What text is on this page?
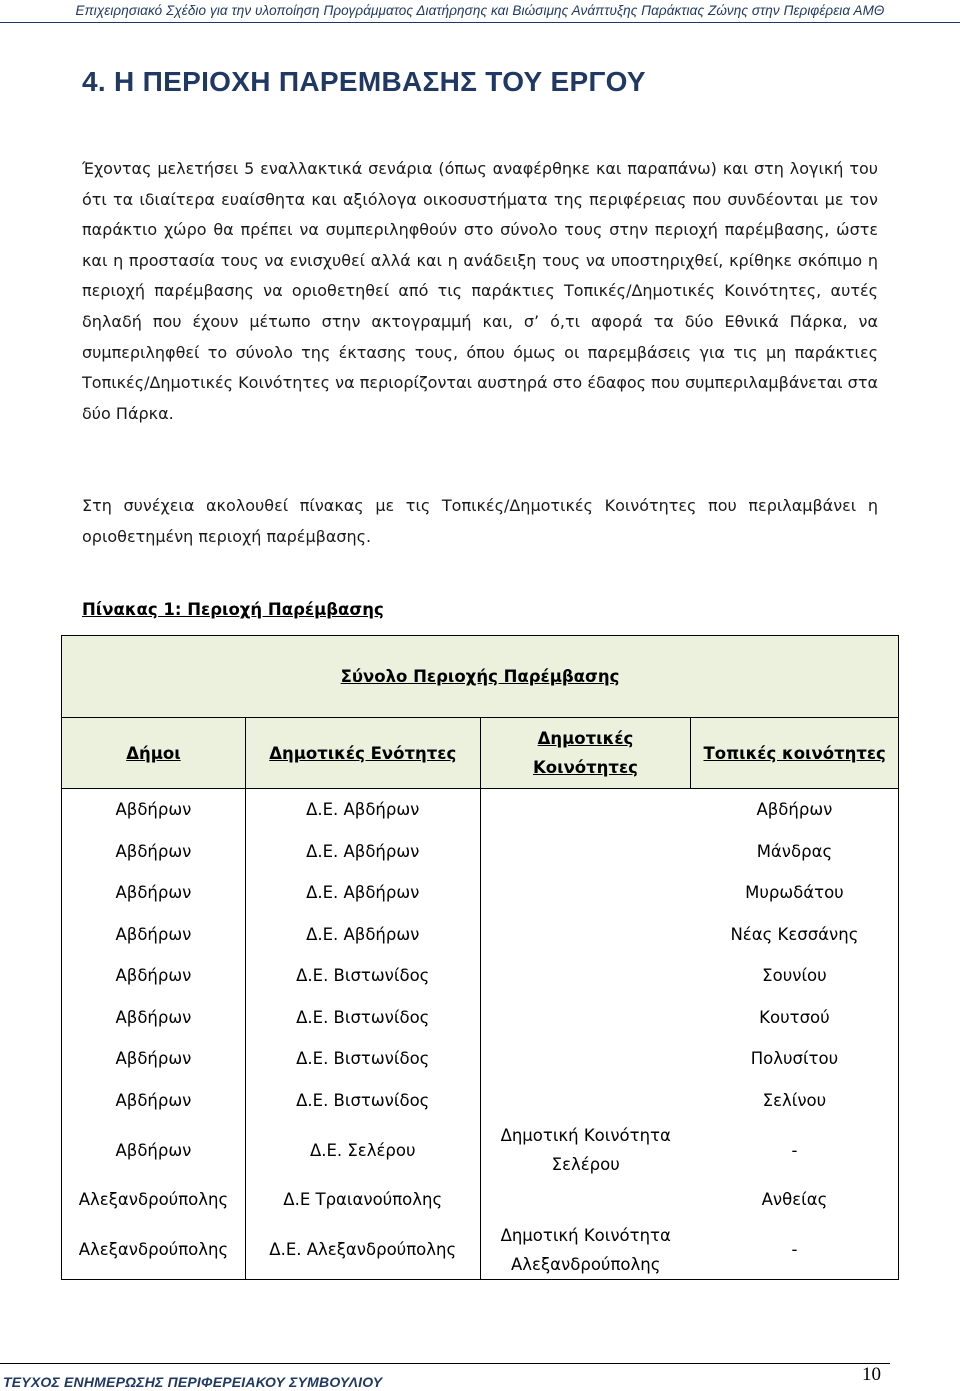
Επιχειρησιακό Σχέδιο για την υλοποίηση Προγράμματος Διατήρησης και Βιώσιμης Ανάπτυξης Παράκτιας Ζώνης στην Περιφέρεια ΑΜΘ
4. Η ΠΕΡΙΟΧΗ ΠΑΡΕΜΒΑΣΗΣ ΤΟΥ ΕΡΓΟΥ

Έχοντας μελετήσει 5 εναλλακτικά σενάρια (όπως αναφέρθηκε και παραπάνω) και στη λογική του ότι τα ιδιαίτερα ευαίσθητα και αξιόλογα οικοσυστήματα της περιφέρειας που συνδέονται με τον παράκτιο χώρο θα πρέπει να συμπεριληφθούν στο σύνολο τους στην περιοχή παρέμβασης, ώστε και η προστασία τους να ενισχυθεί αλλά και η ανάδειξη τους να υποστηριχθεί, κρίθηκε σκόπιμο η περιοχή παρέμβασης να οριοθετηθεί από τις παράκτιες Τοπικές/Δημοτικές Κοινότητες, αυτές δηλαδή που έχουν μέτωπο στην ακτογραμμή και, σ’ ό,τι αφορά τα δύο Εθνικά Πάρκα, να συμπεριληφθεί το σύνολο της έκτασης τους, όπου όμως οι παρεμβάσεις για τις μη παράκτιες Τοπικές/Δημοτικές Κοινότητες να περιορίζονται αυστηρά στο έδαφος που συμπεριλαμβάνεται στα δύο Πάρκα.

Στη συνέχεια ακολουθεί πίνακας με τις Τοπικές/Δημοτικές Κοινότητες που περιλαμβάνει η οριοθετημένη περιοχή παρέμβασης.

Πίνακας 1: Περιοχή Παρέμβασης

Σύνολο Περιοχής Παρέμβασης			
Δήμοι	Δημοτικές Ενότητες	Δημοτικές Κοινότητες	Τοπικές κοινότητες
Αβδήρων	Δ.Ε. Αβδήρων		Αβδήρων
Αβδήρων	Δ.Ε. Αβδήρων		Μάνδρας
Αβδήρων	Δ.Ε. Αβδήρων		Μυρωδάτου
Αβδήρων	Δ.Ε. Αβδήρων		Νέας Κεσσάνης
Αβδήρων	Δ.Ε. Βιστωνίδος		Σουνίου
Αβδήρων	Δ.Ε. Βιστωνίδος		Κουτσού
Αβδήρων	Δ.Ε. Βιστωνίδος		Πολυσίτου
Αβδήρων	Δ.Ε. Βιστωνίδος		Σελίνου
Αβδήρων	Δ.Ε. Σελέρου	Δημοτική Κοινότητα Σελέρου	-
Αλεξανδρούπολης	Δ.Ε Τραιανούπολης		Ανθείας
Αλεξανδρούπολης	Δ.Ε. Αλεξανδρούπολης	Δημοτική Κοινότητα Αλεξανδρούπολης	-

ΤΕΥΧΟΣ ΕΝΗΜΕΡΩΣΗΣ ΠΕΡΙΦΕΡΕΙΑΚΟΥ ΣΥΜΒΟΥΛΙΟΥ	10
